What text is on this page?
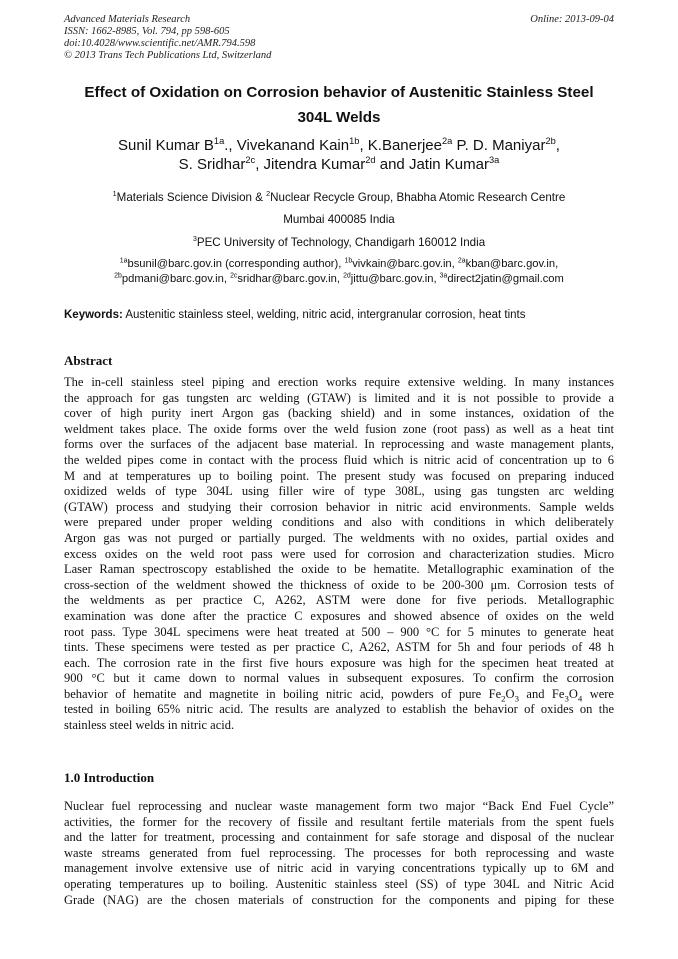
Advanced Materials Research
ISSN: 1662-8985, Vol. 794, pp 598-605
doi:10.4028/www.scientific.net/AMR.794.598
© 2013 Trans Tech Publications Ltd, Switzerland
Online: 2013-09-04
Effect of Oxidation on Corrosion behavior of Austenitic Stainless Steel
304L Welds
Sunil Kumar $B^{1a}$., Vivekanand Kain$^{1b}$, K.Banerjee$^{2a}$ P. D. Maniyar$^{2b}$,
S. Sridhar$^{2c}$, Jitendra Kumar$^{2d}$ and Jatin Kumar$^{3a}$
$^1$Materials Science Division & $^2$Nuclear Recycle Group, Bhabha Atomic Research Centre
Mumbai 400085 India
$^3$PEC University of Technology, Chandigarh 160012 India
$^{1a}$bsunil@barc.gov.in (corresponding author), $^{1b}$vivkain@barc.gov.in, $^{2a}$kban@barc.gov.in,
$^{2b}$pdmani@barc.gov.in, $^{2c}$sridhar@barc.gov.in, $^{2d}$jittu@barc.gov.in, $^{3a}$direct2jatin@gmail.com
Keywords: Austenitic stainless steel, welding, nitric acid, intergranular corrosion, heat tints
Abstract
The in-cell stainless steel piping and erection works require extensive welding. In many instances
the approach for gas tungsten arc welding (GTAW) is limited and it is not possible to provide a
cover of high purity inert Argon gas (backing shield) and in some instances, oxidation of the
weldment takes place. The oxide forms over the weld fusion zone (root pass) as well as a heat tint
forms over the surfaces of the adjacent base material. In reprocessing and waste management plants,
the welded pipes come in contact with the process fluid which is nitric acid of concentration up to 6
M and at temperatures up to boiling point. The present study was focused on preparing induced
oxidized welds of type 304L using filler wire of type 308L, using gas tungsten arc welding
(GTAW) process and studying their corrosion behavior in nitric acid environments. Sample welds
were prepared under proper welding conditions and also with conditions in which deliberately
Argon gas was not purged or partially purged. The weldments with no oxides, partial oxides and
excess oxides on the weld root pass were used for corrosion and characterization studies. Micro
Laser Raman spectroscopy established the oxide to be hematite. Metallographic examination of the
cross-section of the weldment showed the thickness of oxide to be 200-300 μm. Corrosion tests of
the weldments as per practice C, A262, ASTM were done for five periods. Metallographic
examination was done after the practice C exposures and showed absence of oxides on the weld
root pass. Type 304L specimens were heat treated at 500 – 900 °C for 5 minutes to generate heat
tints. These specimens were tested as per practice C, A262, ASTM for 5h and four periods of 48 h
each. The corrosion rate in the first five hours exposure was high for the specimen heat treated at
900 °C but it came down to normal values in subsequent exposures. To confirm the corrosion
behavior of hematite and magnetite in boiling nitric acid, powders of pure $Fe_2O_3$ and $Fe_3O_4$ were
tested in boiling 65% nitric acid. The results are analyzed to establish the behavior of oxides on the
stainless steel welds in nitric acid.
1.0 Introduction
Nuclear fuel reprocessing and nuclear waste management form two major “Back End Fuel Cycle”
activities, the former for the recovery of fissile and resultant fertile materials from the spent fuels
and the latter for treatment, processing and containment for safe storage and disposal of the nuclear
waste streams generated from fuel reprocessing. The processes for both reprocessing and waste
management involve extensive use of nitric acid in varying concentrations typically up to 6M and
operating temperatures up to boiling. Austenitic stainless steel (SS) of type 304L and Nitric Acid
Grade (NAG) are the chosen materials of construction for the components and piping for these
